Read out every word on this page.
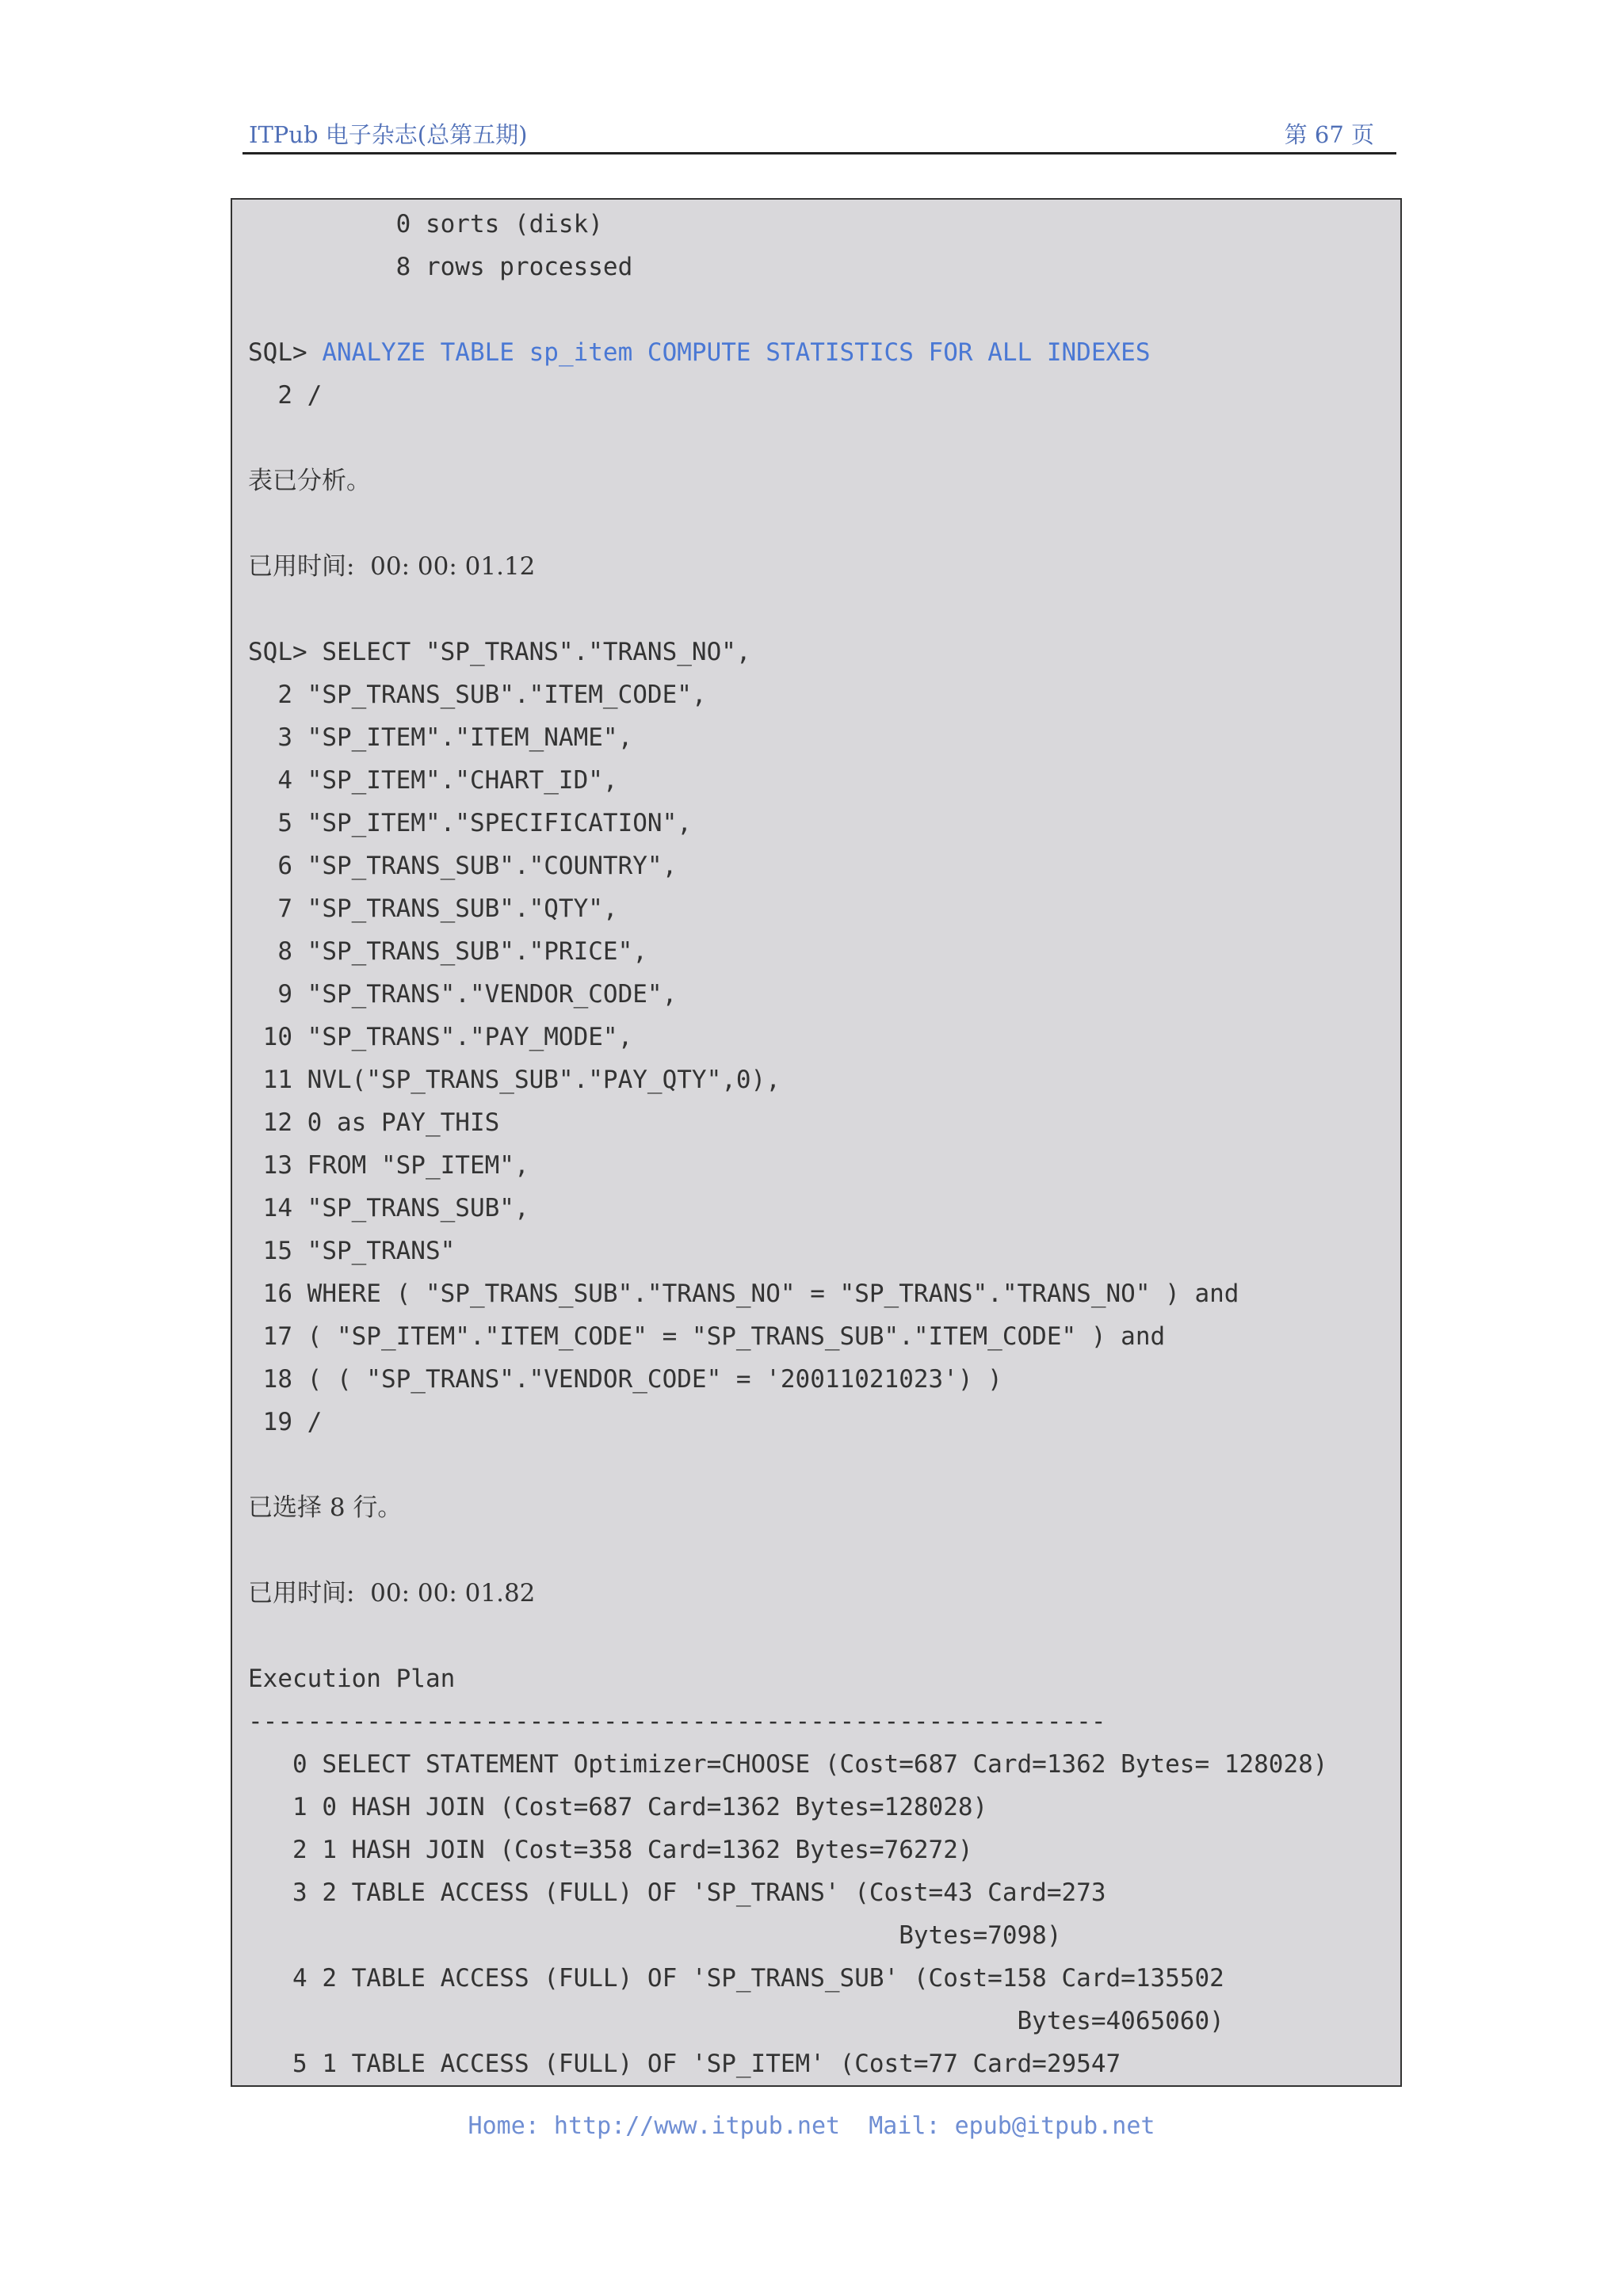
ITPub 电子杂志(总第五期)	第 67 页
0 sorts (disk)
8 rows processed
SQL> ANALYZE TABLE sp_item COMPUTE STATISTICS FOR ALL INDEXES
2 /
表已分析。
已用时间:  00: 00: 01.12
SQL> SELECT "SP_TRANS"."TRANS_NO",
2 "SP_TRANS_SUB"."ITEM_CODE",
3 "SP_ITEM"."ITEM_NAME",
4 "SP_ITEM"."CHART_ID",
5 "SP_ITEM"."SPECIFICATION",
6 "SP_TRANS_SUB"."COUNTRY",
7 "SP_TRANS_SUB"."QTY",
8 "SP_TRANS_SUB"."PRICE",
9 "SP_TRANS"."VENDOR_CODE",
10 "SP_TRANS"."PAY_MODE",
11 NVL("SP_TRANS_SUB"."PAY_QTY",0),
12 0 as PAY_THIS
13 FROM "SP_ITEM",
14 "SP_TRANS_SUB",
15 "SP_TRANS"
16 WHERE ( "SP_TRANS_SUB"."TRANS_NO" = "SP_TRANS"."TRANS_NO" ) and
17 ( "SP_ITEM"."ITEM_CODE" = "SP_TRANS_SUB"."ITEM_CODE" ) and
18 ( ( "SP_TRANS"."VENDOR_CODE" = '20011021023') )
19 /
已选择 8 行。
已用时间:  00: 00: 01.82
Execution Plan
----------------------------------------------------------
0 SELECT STATEMENT Optimizer=CHOOSE (Cost=687 Card=1362 Bytes= 128028)
1 0 HASH JOIN (Cost=687 Card=1362 Bytes=128028)
2 1 HASH JOIN (Cost=358 Card=1362 Bytes=76272)
3 2 TABLE ACCESS (FULL) OF 'SP_TRANS' (Cost=43 Card=273
Bytes=7098)
4 2 TABLE ACCESS (FULL) OF 'SP_TRANS_SUB' (Cost=158 Card=135502
Bytes=4065060)
5 1 TABLE ACCESS (FULL) OF 'SP_ITEM' (Cost=77 Card=29547
Home: http://www.itpub.net  Mail: epub@itpub.net
